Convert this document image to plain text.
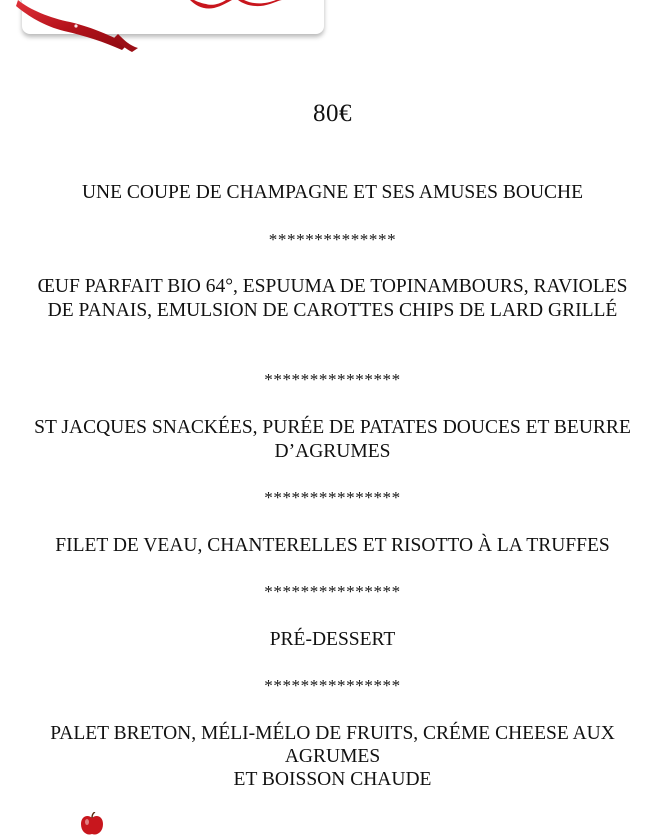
80€
UNE COUPE DE CHAMPAGNE ET SES AMUSES BOUCHE
**************
ŒUF PARFAIT BIO 64°, ESPUUMA DE TOPINAMBOURS, RAVIOLES
DE PANAIS, EMULSION DE CAROTTES CHIPS DE LARD GRILLÉ
***************
ST JACQUES SNACKÉES, PURÉE DE PATATES DOUCES ET BEURRE
D’AGRUMES
***************
FILET DE VEAU, CHANTERELLES ET RISOTTO À LA TRUFFES
***************
PRÉ-DESSERT
***************
PALET BRETON, MÉLI-MÉLO DE FRUITS, CRÉME CHEESE AUX
AGRUMES
ET BOISSON CHAUDE
